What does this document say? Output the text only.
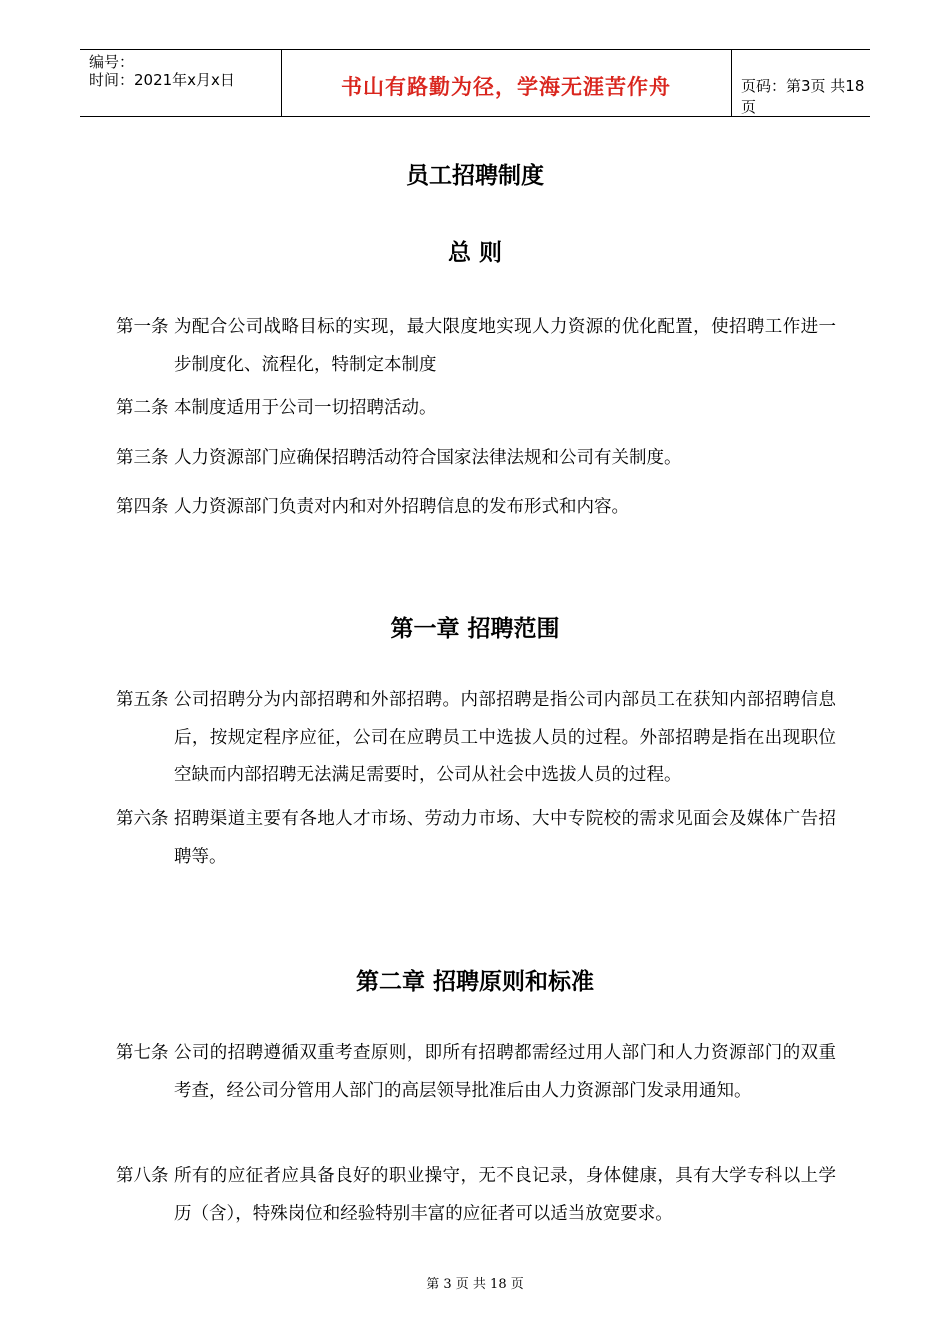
编号：
时间：2021年x月x日	书山有路勤为径，学海无涯苦作舟	页码：第3页 共18页
员工招聘制度
总 则
第一条 为配合公司战略目标的实现，最大限度地实现人力资源的优化配置，使招聘工作进一步制度化、流程化，特制定本制度
第二条 本制度适用于公司一切招聘活动。
第三条 人力资源部门应确保招聘活动符合国家法律法规和公司有关制度。
第四条 人力资源部门负责对内和对外招聘信息的发布形式和内容。
第一章 招聘范围
第五条 公司招聘分为内部招聘和外部招聘。内部招聘是指公司内部员工在获知内部招聘信息后，按规定程序应征，公司在应聘员工中选拔人员的过程。外部招聘是指在出现职位空缺而内部招聘无法满足需要时，公司从社会中选拔人员的过程。
第六条 招聘渠道主要有各地人才市场、劳动力市场、大中专院校的需求见面会及媒体广告招聘等。
第二章 招聘原则和标准
第七条 公司的招聘遵循双重考查原则，即所有招聘都需经过用人部门和人力资源部门的双重考查，经公司分管用人部门的高层领导批准后由人力资源部门发录用通知。
第八条 所有的应征者应具备良好的职业操守，无不良记录，身体健康，具有大学专科以上学历（含），特殊岗位和经验特别丰富的应征者可以适当放宽要求。
第 3 页 共 18 页
